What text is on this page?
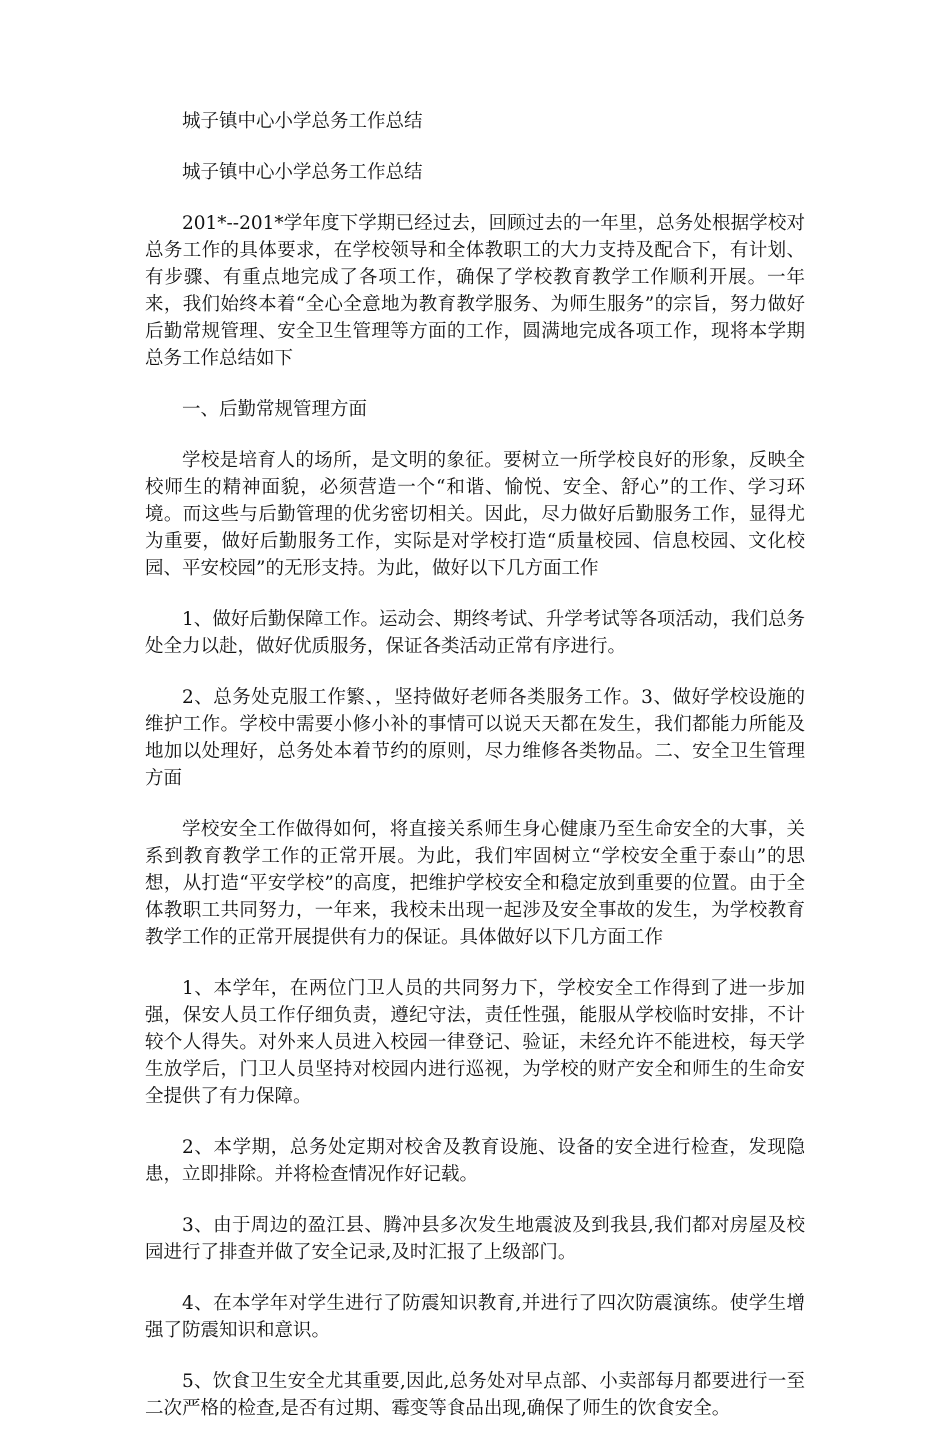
城子镇中心小学总务工作总结

城子镇中心小学总务工作总结

201*--201*学年度下学期已经过去，回顾过去的一年里，总务处根据学校对总务工作的具体要求，在学校领导和全体教职工的大力支持及配合下，有计划、有步骤、有重点地完成了各项工作，确保了学校教育教学工作顺利开展。一年来，我们始终本着“全心全意地为教育教学服务、为师生服务”的宗旨，努力做好后勤常规管理、安全卫生管理等方面的工作，圆满地完成各项工作，现将本学期总务工作总结如下

一、后勤常规管理方面

学校是培育人的场所，是文明的象征。要树立一所学校良好的形象，反映全校师生的精神面貌，必须营造一个“和谐、愉悦、安全、舒心”的工作、学习环境。而这些与后勤管理的优劣密切相关。因此，尽力做好后勤服务工作，显得尤为重要，做好后勤服务工作，实际是对学校打造“质量校园、信息校园、文化校园、平安校园”的无形支持。为此，做好以下几方面工作

1、做好后勤保障工作。运动会、期终考试、升学考试等各项活动，我们总务处全力以赴，做好优质服务，保证各类活动正常有序进行。

2、总务处克服工作繁、，坚持做好老师各类服务工作。3、做好学校设施的维护工作。学校中需要小修小补的事情可以说天天都在发生，我们都能力所能及地加以处理好，总务处本着节约的原则，尽力维修各类物品。二、安全卫生管理方面

学校安全工作做得如何，将直接关系师生身心健康乃至生命安全的大事，关系到教育教学工作的正常开展。为此，我们牢固树立“学校安全重于泰山”的思想，从打造“平安学校”的高度，把维护学校安全和稳定放到重要的位置。由于全体教职工共同努力，一年来，我校未出现一起涉及安全事故的发生，为学校教育教学工作的正常开展提供有力的保证。具体做好以下几方面工作

1、本学年，在两位门卫人员的共同努力下，学校安全工作得到了进一步加强，保安人员工作仔细负责，遵纪守法，责任性强，能服从学校临时安排，不计较个人得失。对外来人员进入校园一律登记、验证，未经允许不能进校，每天学生放学后，门卫人员坚持对校园内进行巡视，为学校的财产安全和师生的生命安全提供了有力保障。

2、本学期，总务处定期对校舍及教育设施、设备的安全进行检查，发现隐患，立即排除。并将检查情况作好记载。

3、由于周边的盈江县、腾冲县多次发生地震波及到我县,我们都对房屋及校园进行了排查并做了安全记录,及时汇报了上级部门。

4、在本学年对学生进行了防震知识教育,并进行了四次防震演练。使学生增强了防震知识和意识。

5、饮食卫生安全尤其重要,因此,总务处对早点部、小卖部每月都要进行一至二次严格的检查,是否有过期、霉变等食品出现,确保了师生的饮食安全。
